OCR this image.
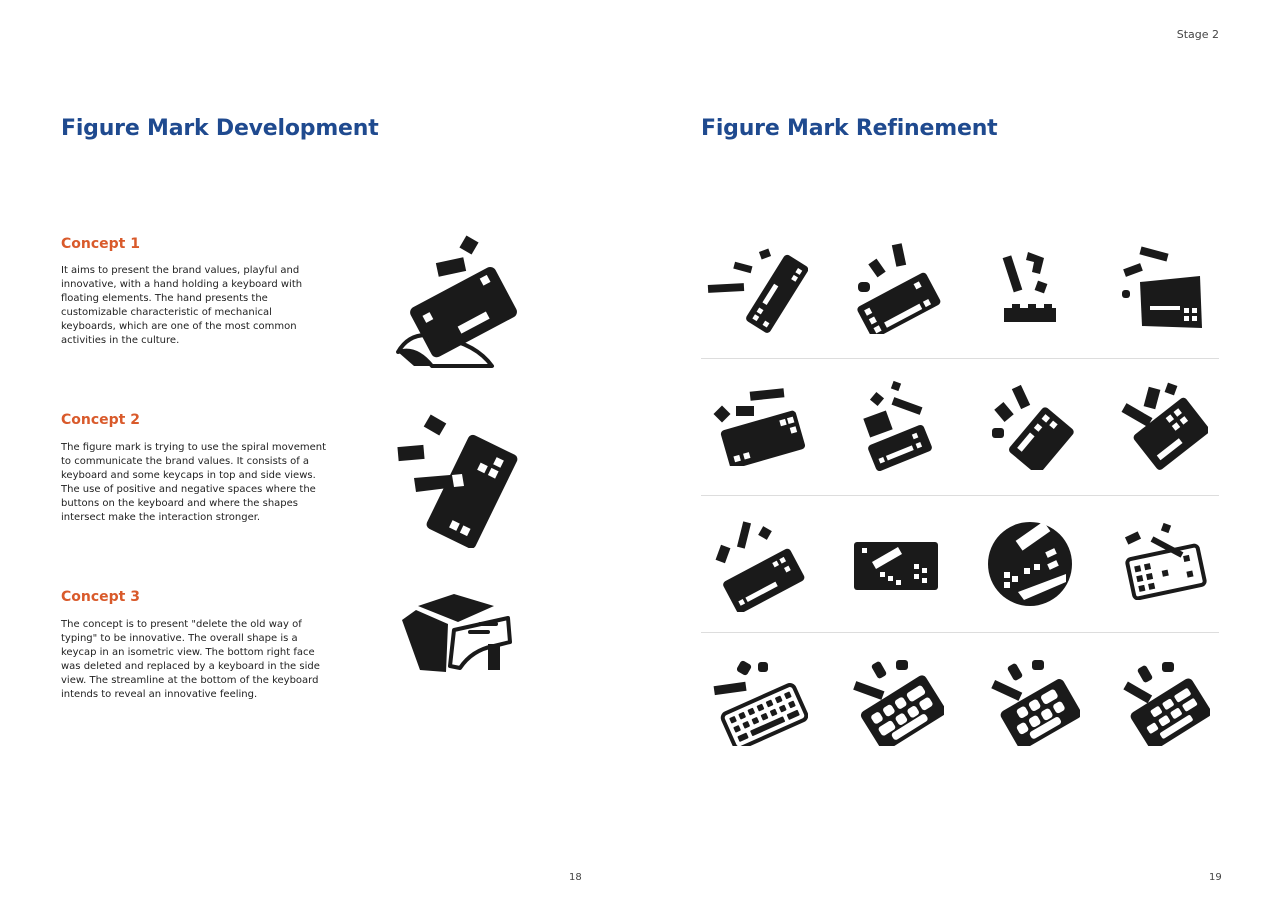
Stage 2
Figure Mark Development
Concept 1
It aims to present the brand values, playful and innovative, with a hand holding a keyboard with floating elements. The hand presents the customizable characteristic of mechanical keyboards, which are one of the most common activities in the culture.
Concept 2
The figure mark is trying to use the spiral movement to communicate the brand values. It consists of a keyboard and some keycaps in top and side views. The use of positive and negative spaces where the buttons on the keyboard and where the shapes intersect make the interaction stronger.
Concept 3
The concept is to present "delete the old way of typing" to be innovative. The overall shape is a keycap in an isometric view. The bottom right face was deleted and replaced by a keyboard in the side view. The streamline at the bottom of the keyboard intends to reveal an innovative feeling.
18
Figure Mark Refinement
19
